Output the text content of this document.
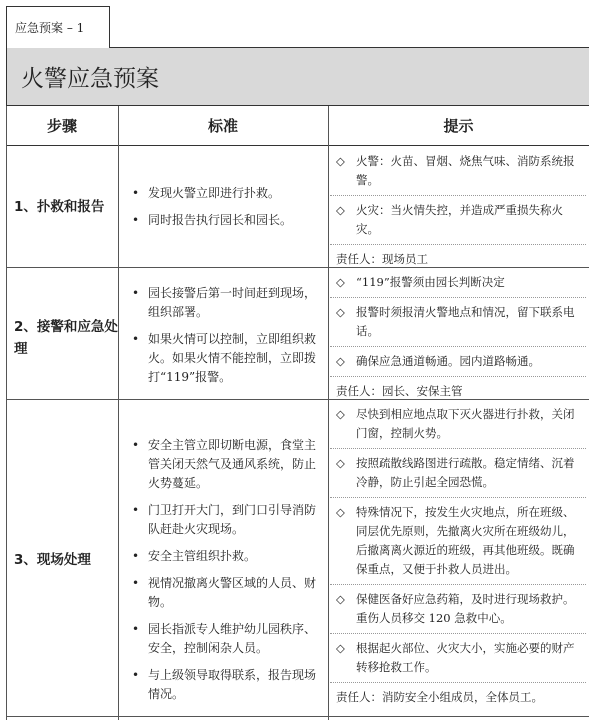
应急预案 – 1
火警应急预案
步骤	标准	提示
1、扑救和报告
• 发现火警立即进行扑救。
• 同时报告执行园长和园长。
◇ 火警：火苗、冒烟、烧焦气味、消防系统报警。
◇ 火灾：当火情失控，并造成严重损失称火灾。
责任人：现场员工
2、接警和应急处理
• 园长接警后第一时间赶到现场，组织部署。
• 如果火情可以控制，立即组织救火。如果火情不能控制，立即拨打“119”报警。
◇ “119”报警须由园长判断决定
◇ 报警时须报清火警地点和情况，留下联系电话。
◇ 确保应急通道畅通。园内道路畅通。
责任人：园长、安保主管
3、现场处理
• 安全主管立即切断电源，食堂主管关闭天然气及通风系统，防止火势蔓延。
• 门卫打开大门，到门口引导消防队赶赴火灾现场。
• 安全主管组织扑救。
• 视情况撤离火警区域的人员、财物。
• 园长指派专人维护幼儿园秩序、安全，控制闲杂人员。
• 与上级领导取得联系，报告现场情况。
◇ 尽快到相应地点取下灭火器进行扑救，关闭门窗，控制火势。
◇ 按照疏散线路图进行疏散。稳定情绪、沉着冷静，防止引起全园恐慌。
◇ 特殊情况下，按发生火灾地点，所在班级、同层优先原则，先撤离火灾所在班级幼儿，后撤离离火源近的班级，再其他班级。既确保重点，又便于扑救人员进出。
◇ 保健医备好应急药箱，及时进行现场救护。重伤人员移交 120 急救中心。
◇ 根据起火部位、火灾大小，实施必要的财产转移抢救工作。
责任人：消防安全小组成员，全体员工。
